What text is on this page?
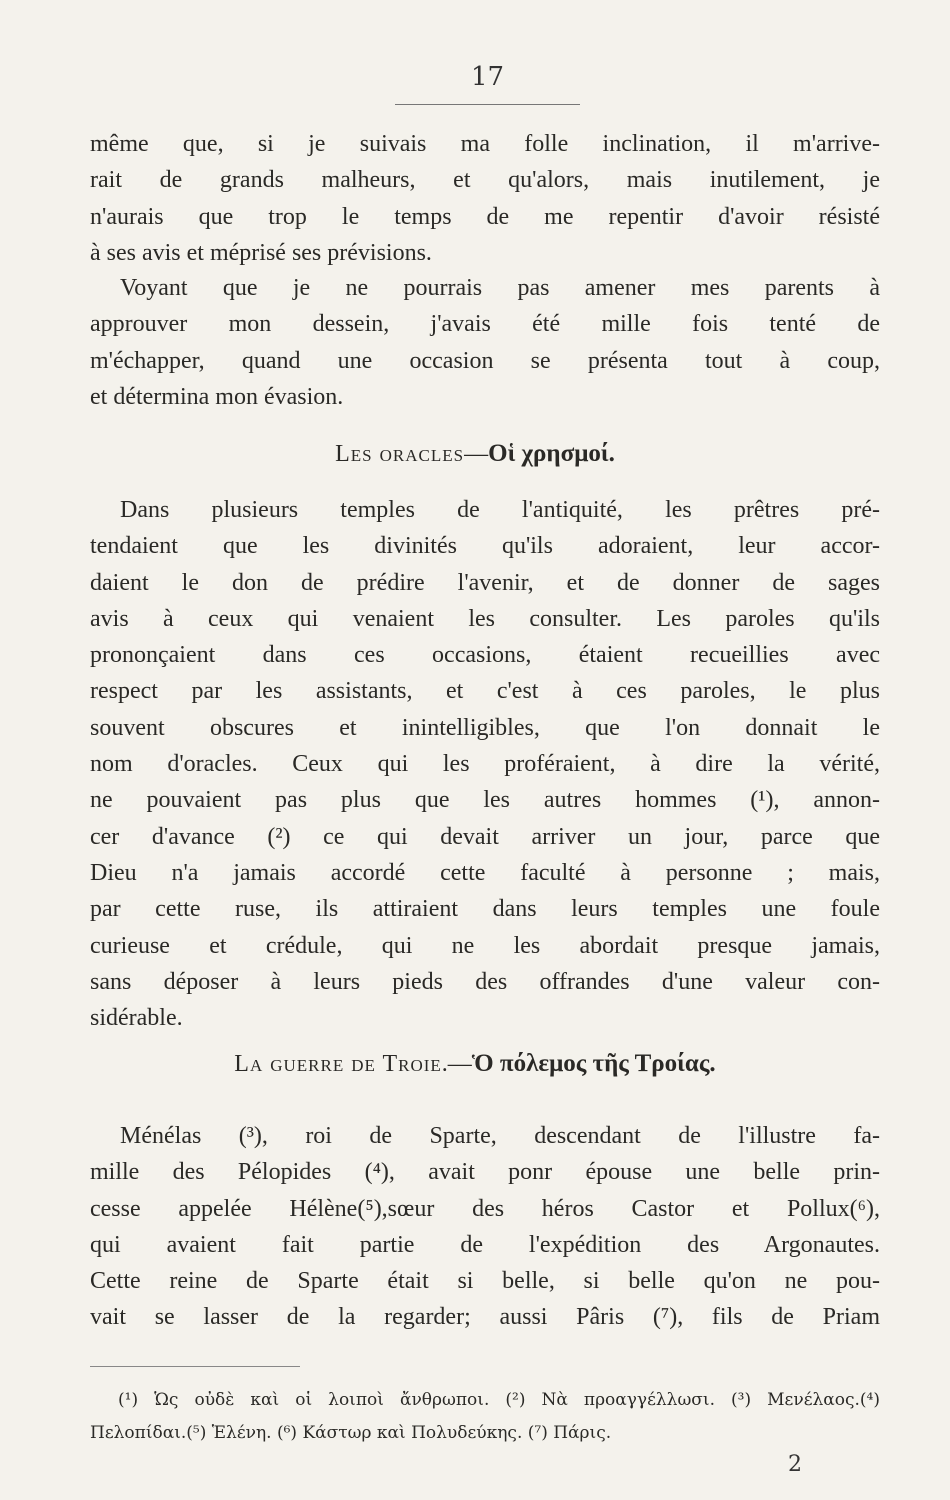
17
même que, si je suivais ma folle inclination, il m'arrive-
rait de grands malheurs, et qu'alors, mais inutilement, je
n'aurais que trop le temps de me repentir d'avoir résisté
à ses avis et méprisé ses prévisions.
Voyant que je ne pourrais pas amener mes parents à
approuver mon dessein, j'avais été mille fois tenté de
m'échapper, quand une occasion se présenta tout à coup,
et détermina mon évasion.
Les oracles—Οἱ χρησμοί.
Dans plusieurs temples de l'antiquité, les prêtres pré-
tendaient que les divinités qu'ils adoraient, leur accor-
daient le don de prédire l'avenir, et de donner de sages
avis à ceux qui venaient les consulter. Les paroles qu'ils
prononçaient dans ces occasions, étaient recueillies avec
respect par les assistants, et c'est à ces paroles, le plus
souvent obscures et inintelligibles, que l'on donnait le
nom d'oracles. Ceux qui les proféraient, à dire la vérité,
ne pouvaient pas plus que les autres hommes (¹), annon-
cer d'avance (²) ce qui devait arriver un jour, parce que
Dieu n'a jamais accordé cette faculté à personne ; mais,
par cette ruse, ils attiraient dans leurs temples une foule
curieuse et crédule, qui ne les abordait presque jamais,
sans déposer à leurs pieds des offrandes d'une valeur con-
sidérable.
La guerre de Troie.—Ὁ πόλεμος τῆς Τροίας.
Ménélas (³), roi de Sparte, descendant de l'illustre fa-
mille des Pélopides (⁴), avait ponr épouse une belle prin-
cesse appelée Hélène(⁵),sœur des héros Castor et Pollux(⁶),
qui avaient fait partie de l'expédition des Argonautes.
Cette reine de Sparte était si belle, si belle qu'on ne pou-
vait se lasser de la regarder; aussi Pâris (⁷), fils de Priam

(¹) Ὡς οὐδὲ καὶ οἱ λοιποὶ ἄνθρωποι. (²) Νὰ προαγγέλλωσι. (³) Μενέλαος.(⁴)

Πελοπίδαι.(⁵) Ἑλένη. (⁶) Κάστωρ καὶ Πολυδεύκης. (⁷) Πάρις.

2
